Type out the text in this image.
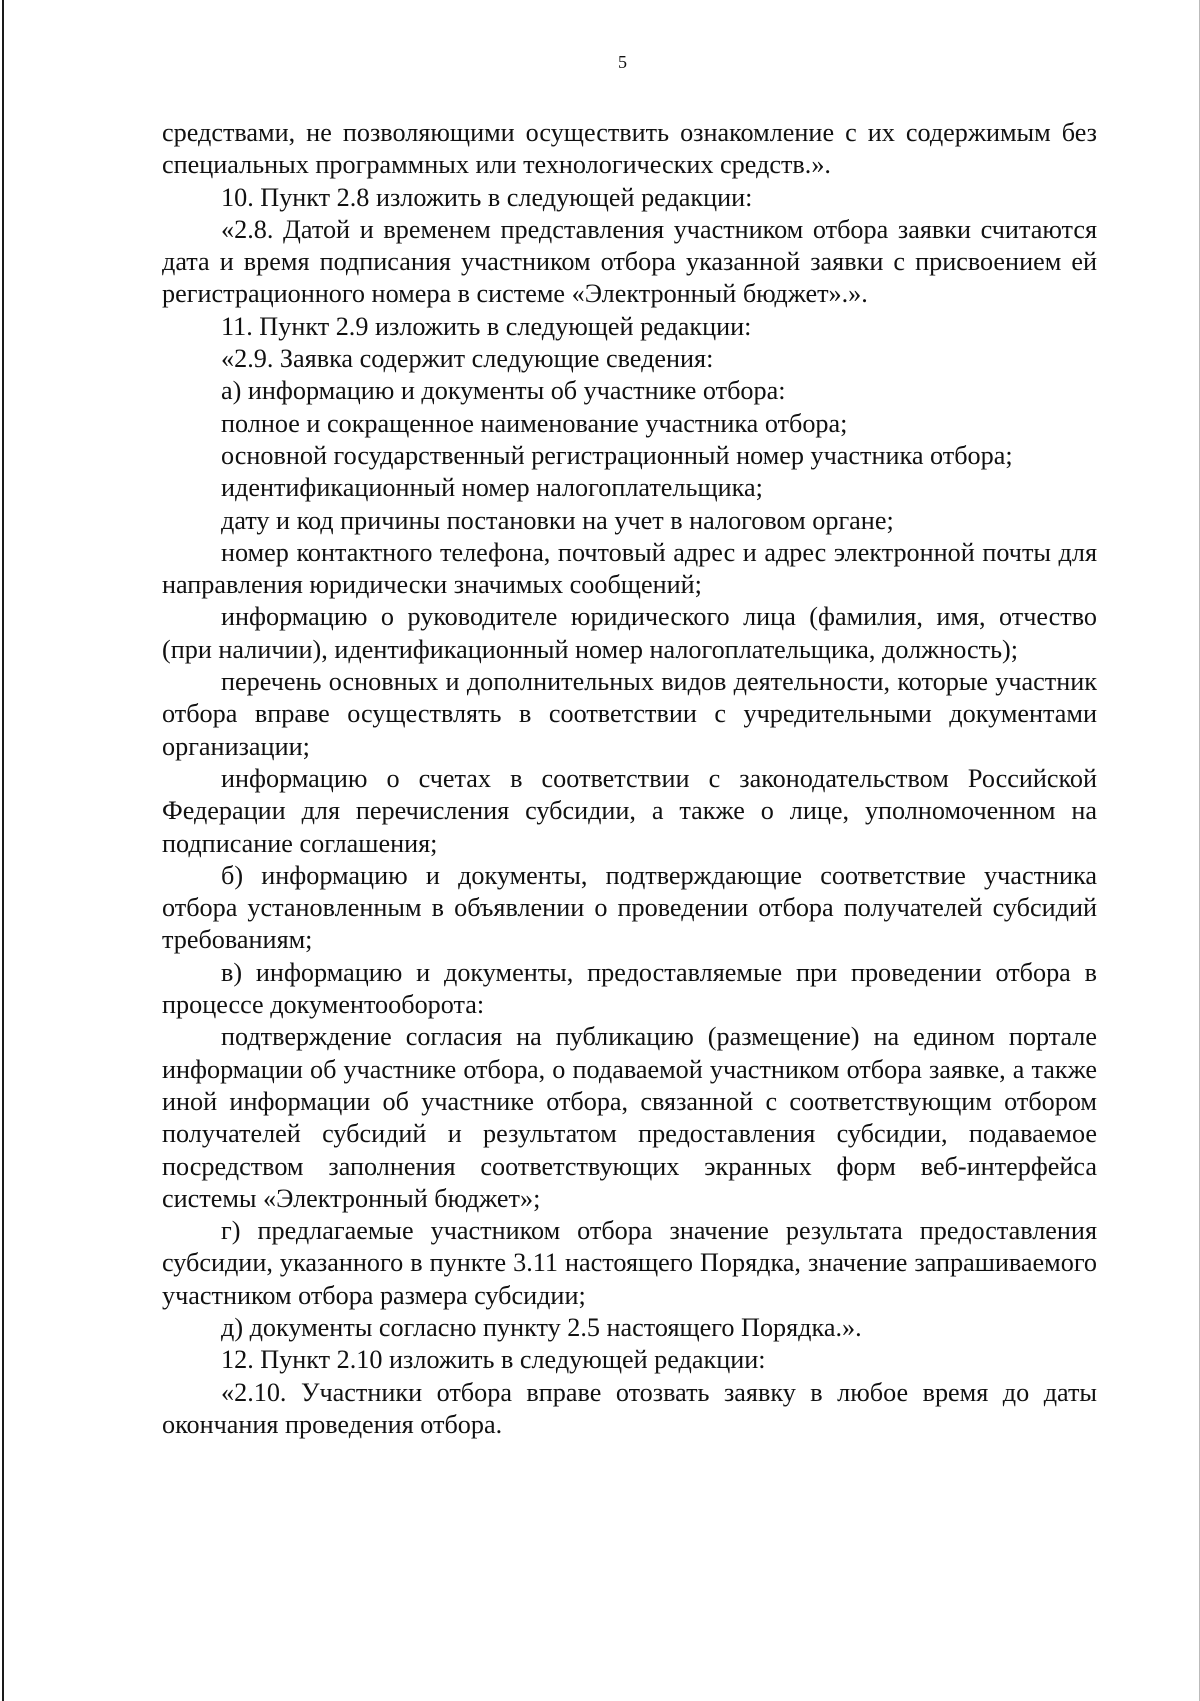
5

средствами, не позволяющими осуществить ознакомление с их содержимым без специальных программных или технологических средств.».

10. Пункт 2.8 изложить в следующей редакции:

«2.8. Датой и временем представления участником отбора заявки считаются дата и время подписания участником отбора указанной заявки с присвоением ей регистрационного номера в системе «Электронный бюджет».».

11. Пункт 2.9 изложить в следующей редакции:

«2.9. Заявка содержит следующие сведения:

а) информацию и документы об участнике отбора:

полное и сокращенное наименование участника отбора;

основной государственный регистрационный номер участника отбора;

идентификационный номер налогоплательщика;

дату и код причины постановки на учет в налоговом органе;

номер контактного телефона, почтовый адрес и адрес электронной почты для направления юридически значимых сообщений;

информацию о руководителе юридического лица (фамилия, имя, отчество (при наличии), идентификационный номер налогоплательщика, должность);

перечень основных и дополнительных видов деятельности, которые участник отбора вправе осуществлять в соответствии с учредительными документами организации;

информацию о счетах в соответствии с законодательством Российской Федерации для перечисления субсидии, а также о лице, уполномоченном на подписание соглашения;

б) информацию и документы, подтверждающие соответствие участника отбора установленным в объявлении о проведении отбора получателей субсидий требованиям;

в) информацию и документы, предоставляемые при проведении отбора в процессе документооборота:

подтверждение согласия на публикацию (размещение) на едином портале информации об участнике отбора, о подаваемой участником отбора заявке, а также иной информации об участнике отбора, связанной с соответствующим отбором получателей субсидий и результатом предоставления субсидии, подаваемое посредством заполнения соответствующих экранных форм веб-интерфейса системы «Электронный бюджет»;

г) предлагаемые участником отбора значение результата предоставления субсидии, указанного в пункте 3.11 настоящего Порядка, значение запрашиваемого участником отбора размера субсидии;

д) документы согласно пункту 2.5 настоящего Порядка.».

12. Пункт 2.10 изложить в следующей редакции:

«2.10. Участники отбора вправе отозвать заявку в любое время до даты окончания проведения отбора.
